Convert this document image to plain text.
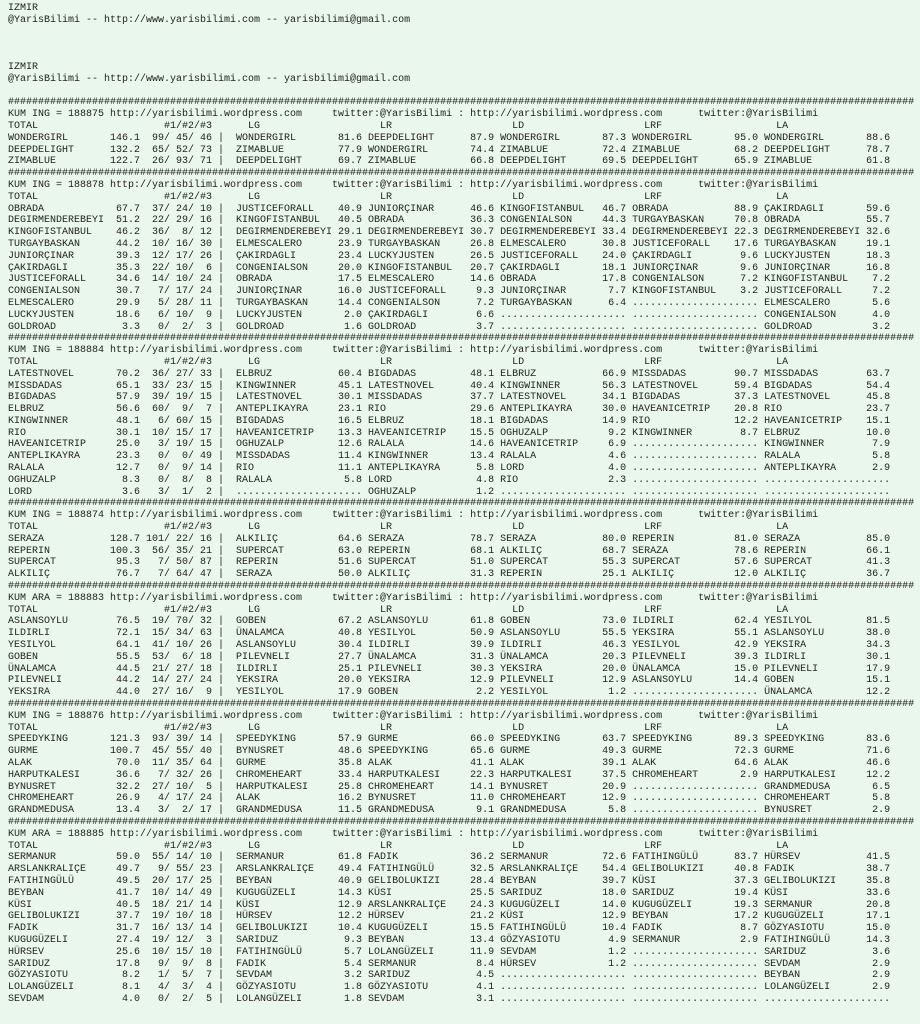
IZMIR
@YarisBilimi -- http://www.yarisbilimi.com -- yarisbilimi@gmail.com
IZMIR
@YarisBilimi -- http://www.yarisbilimi.com -- yarisbilimi@gmail.com
#######################################################################################################################################################
KUM ING = 188875 http://yarisbilimi.wordpress.com     twitter:@YarisBilimi : http://yarisbilimi.wordpress.com      twitter:@YarisBilimi
TOTAL                     #1/#2/#3      LG                    LR                    LD                    LRF                   LA
WONDERGIRL       146.1  99/ 45/ 46 |  WONDERGIRL       81.6 DEEPDELIGHT      87.9 WONDERGIRL       87.3 WONDERGIRL       95.0 WONDERGIRL       88.6
DEEPDELIGHT      132.2  65/ 52/ 73 |  ZIMABLUE         77.9 WONDERGIRL       74.4 ZIMABLUE         72.4 ZIMABLUE         68.2 DEEPDELIGHT      78.7
ZIMABLUE         122.7  26/ 93/ 71 |  DEEPDELIGHT      69.7 ZIMABLUE         66.8 DEEPDELIGHT      69.5 DEEPDELIGHT      65.9 ZIMABLUE         61.8
#######################################################################################################################################################
KUM ING = 188878 http://yarisbilimi.wordpress.com     twitter:@YarisBilimi : http://yarisbilimi.wordpress.com      twitter:@YarisBilimi
TOTAL                     #1/#2/#3      LG                    LR                    LD                    LRF                   LA
OBRADA            67.7  37/ 24/ 10 |  JUSTICEFORALL    40.9 JUNIORÇINAR      46.6 KINGOFISTANBUL   46.7 OBRADA           88.9 ÇAKIRDAGLI       59.6
DEGIRMENDEREBEYI  51.2  22/ 29/ 16 |  KINGOFISTANBUL   40.5 OBRADA           36.3 CONGENIALSON     44.3 TURGAYBASKAN     70.8 OBRADA           55.7
KINGOFISTANBUL    46.2  36/  8/ 12 |  DEGIRMENDEREBEYI 29.1 DEGIRMENDEREBEYI 30.7 DEGIRMENDEREBEYI 33.4 DEGIRMENDEREBEYI 22.3 DEGIRMENDEREBEYI 32.6
TURGAYBASKAN      44.2  10/ 16/ 30 |  ELMESCALERO      23.9 TURGAYBASKAN     26.8 ELMESCALERO      30.8 JUSTICEFORALL    17.6 TURGAYBASKAN     19.1
JUNIORÇINAR       39.3  12/ 17/ 26 |  ÇAKIRDAGLI       23.4 LUCKYJUSTEN      26.5 JUSTICEFORALL    24.0 ÇAKIRDAGLI        9.6 LUCKYJUSTEN      18.3
ÇAKIRDAGLI        35.3  22/ 10/  6 |  CONGENIALSON     20.0 KINGOFISTANBUL   20.7 ÇAKIRDAGLI       18.1 JUNIORÇINAR       9.6 JUNIORÇINAR      16.8
JUSTICEFORALL     34.6  14/ 10/ 24 |  OBRADA           17.5 ELMESCALERO      14.6 OBRADA           17.8 CONGENIALSON      7.2 KINGOFISTANBUL    7.2
CONGENIALSON      30.7   7/ 17/ 24 |  JUNIORÇINAR      16.0 JUSTICEFORALL     9.3 JUNIORÇINAR       7.7 KINGOFISTANBUL    3.2 JUSTICEFORALL     7.2
ELMESCALERO       29.9   5/ 28/ 11 |  TURGAYBASKAN     14.4 CONGENIALSON      7.2 TURGAYBASKAN      6.4 ..................... ELMESCALERO       5.6
LUCKYJUSTEN       18.6   6/ 10/  9 |  LUCKYJUSTEN       2.0 ÇAKIRDAGLI        6.6 ..................... ..................... CONGENIALSON      4.0
GOLDROAD           3.3   0/  2/  3 |  GOLDROAD          1.6 GOLDROAD          3.7 ..................... ..................... GOLDROAD          3.2
#######################################################################################################################################################
KUM ING = 188884 http://yarisbilimi.wordpress.com     twitter:@YarisBilimi : http://yarisbilimi.wordpress.com      twitter:@YarisBilimi
TOTAL                     #1/#2/#3      LG                    LR                    LD                    LRF                   LA
LATESTNOVEL       70.2  36/ 27/ 33 |  ELBRUZ           60.4 BIGDADAS         48.1 ELBRUZ           66.9 MISSDADAS        90.7 MISSDADAS        63.7
MISSDADAS         65.1  33/ 23/ 15 |  KINGWINNER       45.1 LATESTNOVEL      40.4 KINGWINNER       56.3 LATESTNOVEL      59.4 BIGDADAS         54.4
BIGDADAS          57.9  39/ 19/ 15 |  LATESTNOVEL      30.1 MISSDADAS        37.7 LATESTNOVEL      34.1 BIGDADAS         37.3 LATESTNOVEL      45.8
ELBRUZ            56.6  60/  9/  7 |  ANTEPLIKAYRA     23.1 RIO              29.6 ANTEPLIKAYRA     30.0 HAVEANICETRIP    20.8 RIO              23.7
KINGWINNER        48.1   6/ 60/ 15 |  BIGDADAS         16.5 ELBRUZ           18.1 BIGDADAS         14.9 RIO              12.2 HAVEANICETRIP    15.1
RIO               30.1  10/ 15/ 17 |  HAVEANICETRIP    13.3 HAVEANICETRIP    15.5 OGHUZALP          9.2 KINGWINNER        8.7 ELBRUZ           10.0
HAVEANICETRIP     25.0   3/ 19/ 15 |  OGHUZALP         12.6 RALALA           14.6 HAVEANICETRIP     6.9 ..................... KINGWINNER        7.9
ANTEPLIKAYRA      23.3   0/  0/ 49 |  MISSDADAS        11.4 KINGWINNER       13.4 RALALA            4.6 ..................... RALALA            5.8
RALALA            12.7   0/  9/ 14 |  RIO              11.1 ANTEPLIKAYRA      5.8 LORD              4.0 ..................... ANTEPLIKAYRA      2.9
OGHUZALP           8.3   0/  8/  8 |  RALALA            5.8 LORD              4.8 RIO               2.3 ..................... .....................
LORD               3.6   3/  1/  2 |  ..................... OGHUZALP          1.2 ..................... ..................... .....................
#######################################################################################################################################################
KUM ING = 188874 http://yarisbilimi.wordpress.com     twitter:@YarisBilimi : http://yarisbilimi.wordpress.com      twitter:@YarisBilimi
TOTAL                     #1/#2/#3      LG                    LR                    LD                    LRF                   LA
SERAZA           128.7 101/ 22/ 16 |  ALKILIÇ          64.6 SERAZA           78.7 SERAZA           80.0 REPERIN          81.0 SERAZA           85.0
REPERIN          100.3  56/ 35/ 21 |  SUPERCAT         63.0 REPERIN          68.1 ALKILIÇ          68.7 SERAZA           78.6 REPERIN          66.1
SUPERCAT          95.3   7/ 50/ 87 |  REPERIN          51.6 SUPERCAT         51.0 SUPERCAT         55.3 SUPERCAT         57.6 SUPERCAT         41.3
ALKILIÇ           76.7   7/ 64/ 47 |  SERAZA           50.0 ALKILIÇ          31.3 REPERIN          25.1 ALKILIÇ          12.0 ALKILIÇ          36.7
#######################################################################################################################################################
KUM ARA = 188883 http://yarisbilimi.wordpress.com     twitter:@YarisBilimi : http://yarisbilimi.wordpress.com      twitter:@YarisBilimi
TOTAL                     #1/#2/#3      LG                    LR                    LD                    LRF                   LA
ASLANSOYLU        76.5  19/ 70/ 32 |  GOBEN            67.2 ASLANSOYLU       61.8 GOBEN            73.0 ILDIRLI          62.4 YESILYOL         81.5
ILDIRLI           72.1  15/ 34/ 63 |  ÜNALAMCA         40.8 YESILYOL         50.9 ASLANSOYLU       55.5 YEKSIRA          55.1 ASLANSOYLU       38.0
YESILYOL          64.1  41/ 10/ 26 |  ASLANSOYLU       30.4 ILDIRLI          39.9 ILDIRLI          46.3 YESILYOL         42.9 YEKSIRA          34.3
GOBEN             55.5  53/  6/ 18 |  PILEVNELI        27.7 ÜNALAMCA         31.3 ÜNALAMCA         20.3 PILEVNELI        39.3 ILDIRLI          30.1
ÜNALAMCA          44.5  21/ 27/ 18 |  ILDIRLI          25.1 PILEVNELI        30.3 YEKSIRA          20.0 ÜNALAMCA         15.0 PILEVNELI        17.9
PILEVNELI         44.2  14/ 27/ 24 |  YEKSIRA          20.0 YEKSIRA          12.9 PILEVNELI        12.9 ASLANSOYLU       14.4 GOBEN            15.1
YEKSIRA           44.0  27/ 16/  9 |  YESILYOL         17.9 GOBEN             2.2 YESILYOL          1.2 ..................... ÜNALAMCA         12.2
#######################################################################################################################################################
KUM ING = 188876 http://yarisbilimi.wordpress.com     twitter:@YarisBilimi : http://yarisbilimi.wordpress.com      twitter:@YarisBilimi
TOTAL                     #1/#2/#3      LG                    LR                    LD                    LRF                   LA
SPEEDYKING       121.3  93/ 39/ 14 |  SPEEDYKING       57.9 GURME            66.0 SPEEDYKING       63.7 SPEEDYKING       89.3 SPEEDYKING       83.6
GURME            100.7  45/ 55/ 40 |  BYNUSRET         48.6 SPEEDYKING       65.6 GURME            49.3 GURME            72.3 GURME            71.6
ALAK              70.0  11/ 35/ 64 |  GURME            35.8 ALAK             41.1 ALAK             39.1 ALAK             64.6 ALAK             46.6
HARPUTKALESI      36.6   7/ 32/ 26 |  CHROMEHEART      33.4 HARPUTKALESI     22.3 HARPUTKALESI     37.5 CHROMEHEART       2.9 HARPUTKALESI     12.2
BYNUSRET          32.2  27/ 10/  5 |  HARPUTKALESI     25.8 CHROMEHEART      14.1 BYNUSRET         20.9 ..................... GRANDMEDUSA       6.5
CHROMEHEART       26.9   4/ 17/ 24 |  ALAK             16.2 BYNUSRET         11.0 CHROMEHEART      12.9 ..................... CHROMEHEART       5.8
GRANDMEDUSA       13.4   3/  2/ 17 |  GRANDMEDUSA      11.5 GRANDMEDUSA       9.1 GRANDMEDUSA       5.8 ..................... BYNUSRET          2.9
#######################################################################################################################################################
KUM ARA = 188885 http://yarisbilimi.wordpress.com     twitter:@YarisBilimi : http://yarisbilimi.wordpress.com      twitter:@YarisBilimi
TOTAL                     #1/#2/#3      LG                    LR                    LD                    LRF                   LA
SERMANUR          59.0  55/ 14/ 10 |  SERMANUR         61.8 FADIK            36.2 SERMANUR         72.6 FATIHINGÜLÜ      83.7 HÜRSEV           41.5
ARSLANKRALIÇE     49.7   9/ 55/ 23 |  ARSLANKRALIÇE    49.4 FATIHINGÜLÜ      32.5 ARSLANKRALIÇE    54.4 GELIBOLUKIZI     40.8 FADIK            38.7
FATIHINGÜLÜ       49.5  20/ 17/ 25 |  BEYBAN           40.9 GELIBOLUKIZI     28.4 BEYBAN           39.7 KÜSI             37.3 GELIBOLUKIZI     35.8
BEYBAN            41.7  10/ 14/ 49 |  KUGUGÜZELI       14.3 KÜSI             25.5 SARIDUZ          18.0 SARIDUZ          19.4 KÜSI             33.6
KÜSI              40.5  18/ 21/ 14 |  KÜSI             12.9 ARSLANKRALIÇE    24.3 KUGUGÜZELI       14.0 KUGUGÜZELI       19.3 SERMANUR         20.8
GELIBOLUKIZI      37.7  19/ 10/ 18 |  HÜRSEV           12.2 HÜRSEV           21.2 KÜSI             12.9 BEYBAN           17.2 KUGUGÜZELI       17.1
FADIK             31.7  16/ 13/ 14 |  GELIBOLUKIZI     10.4 KUGUGÜZELI       15.5 FATIHINGÜLÜ      10.4 FADIK             8.7 GÖZYASIOTU       15.0
KUGUGÜZELI        27.4  19/ 12/  3 |  SARIDUZ           9.3 BEYBAN           13.4 GÖZYASIOTU        4.9 SERMANUR          2.9 FATIHINGÜLÜ      14.3
HÜRSEV            25.6  10/ 15/ 10 |  FATIHINGÜLÜ       5.7 LOLANGÜZELI      11.9 SEVDAM            1.2 ..................... SARIDUZ           3.6
SARIDUZ           17.8   9/  9/  8 |  FADIK             5.4 SERMANUR          8.4 HÜRSEV            1.2 ..................... SEVDAM            2.9
GÖZYASIOTU         8.2   1/  5/  7 |  SEVDAM            3.2 SARIDUZ           4.5 ..................... ..................... BEYBAN            2.9
LOLANGÜZELI        8.1   4/  3/  4 |  GÖZYASIOTU        1.8 GÖZYASIOTU        4.1 ..................... ..................... LOLANGÜZELI       2.9
SEVDAM             4.0   0/  2/  5 |  LOLANGÜZELI       1.8 SEVDAM            3.1 ..................... ..................... .....................
